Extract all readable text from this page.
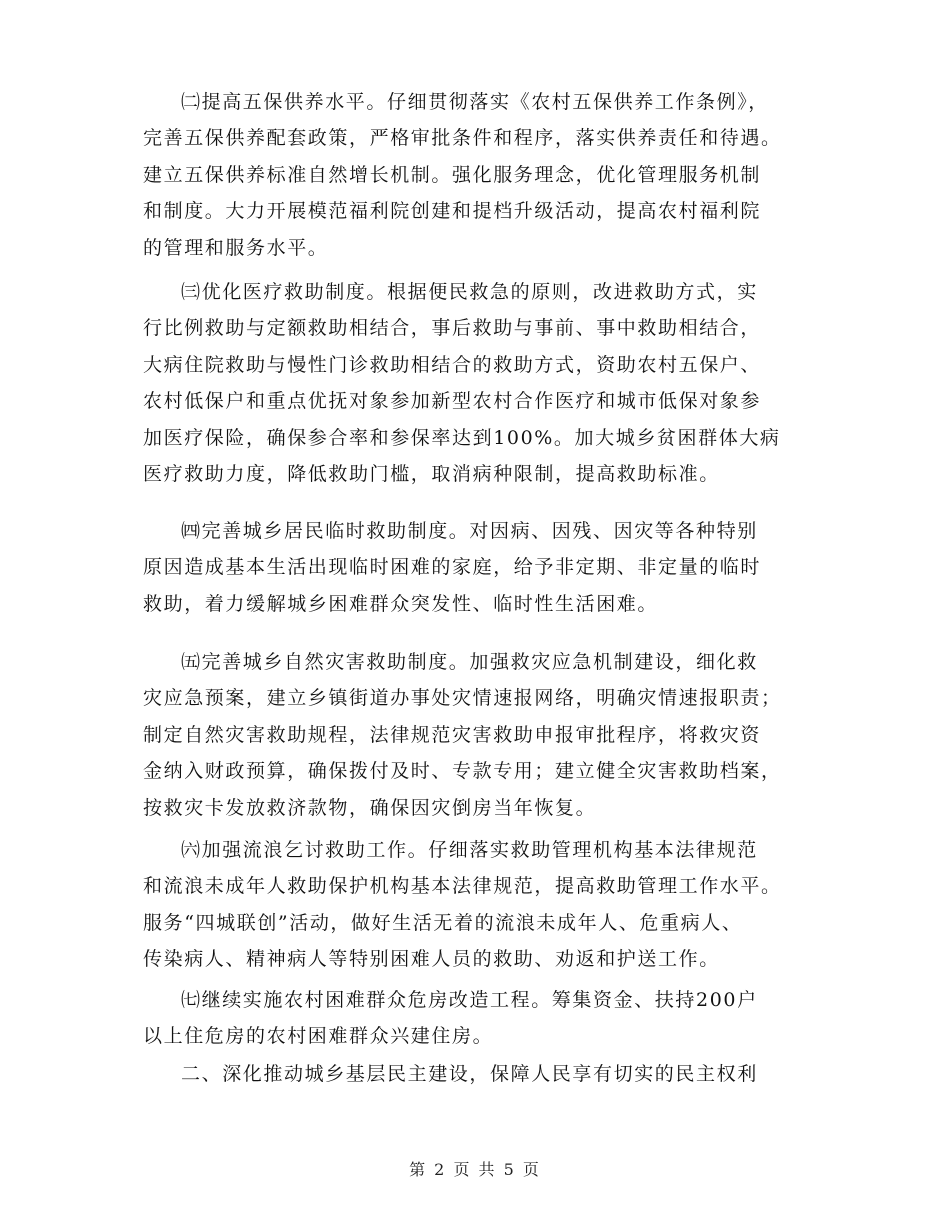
㈡提高五保供养水平。仔细贯彻落实《农村五保供养工作条例》，
完善五保供养配套政策，严格审批条件和程序，落实供养责任和待遇。
建立五保供养标准自然增长机制。强化服务理念，优化管理服务机制
和制度。大力开展模范福利院创建和提档升级活动，提高农村福利院
的管理和服务水平。
㈢优化医疗救助制度。根据便民救急的原则，改进救助方式，实
行比例救助与定额救助相结合，事后救助与事前、事中救助相结合，
大病住院救助与慢性门诊救助相结合的救助方式，资助农村五保户、
农村低保户和重点优抚对象参加新型农村合作医疗和城市低保对象参
加医疗保险，确保参合率和参保率达到100%。加大城乡贫困群体大病
医疗救助力度，降低救助门槛，取消病种限制，提高救助标准。
㈣完善城乡居民临时救助制度。对因病、因残、因灾等各种特别
原因造成基本生活出现临时困难的家庭，给予非定期、非定量的临时
救助，着力缓解城乡困难群众突发性、临时性生活困难。
㈤完善城乡自然灾害救助制度。加强救灾应急机制建设，细化救
灾应急预案，建立乡镇街道办事处灾情速报网络，明确灾情速报职责；
制定自然灾害救助规程，法律规范灾害救助申报审批程序，将救灾资
金纳入财政预算，确保拨付及时、专款专用；建立健全灾害救助档案，
按救灾卡发放救济款物，确保因灾倒房当年恢复。
㈥加强流浪乞讨救助工作。仔细落实救助管理机构基本法律规范
和流浪未成年人救助保护机构基本法律规范，提高救助管理工作水平。
服务“四城联创”活动，做好生活无着的流浪未成年人、危重病人、
传染病人、精神病人等特别困难人员的救助、劝返和护送工作。
㈦继续实施农村困难群众危房改造工程。筹集资金、扶持200户
以上住危房的农村困难群众兴建住房。
二、深化推动城乡基层民主建设，保障人民享有切实的民主权利
第 2 页 共 5 页
